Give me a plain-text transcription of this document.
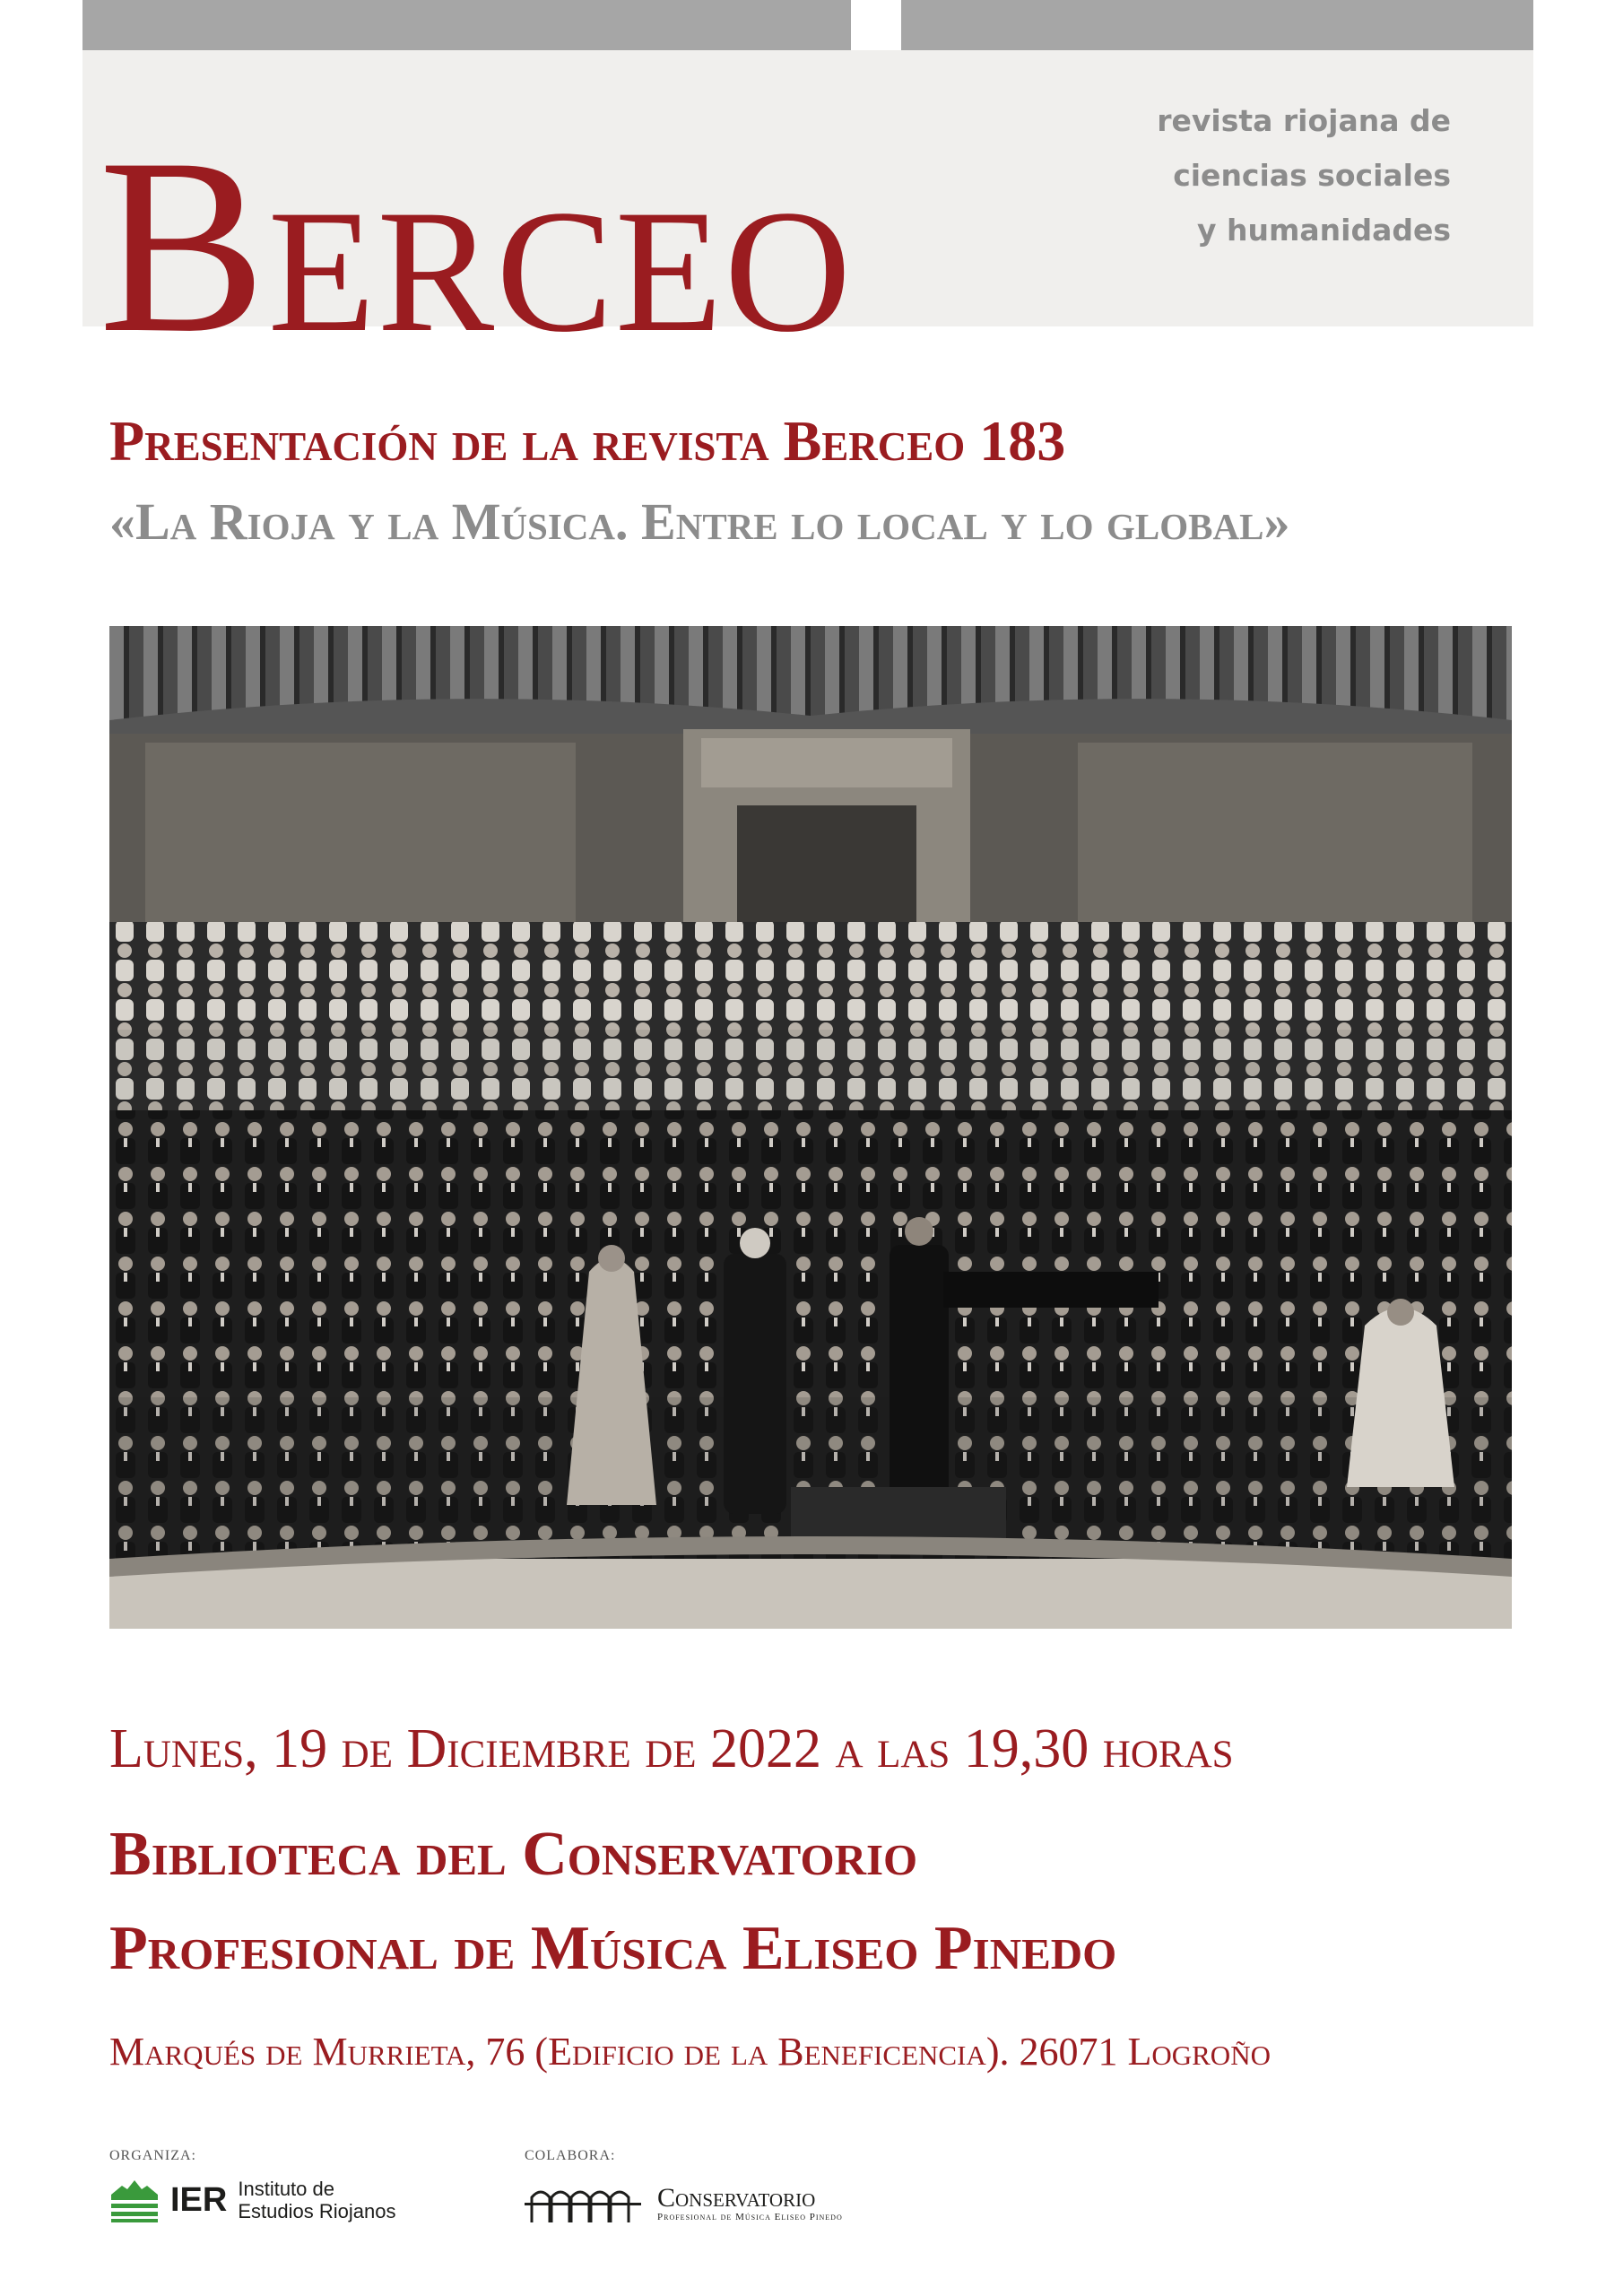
Berceo	revista riojana de
ciencias sociales
y humanidades
Presentación de la revista Berceo 183
«La Rioja y la Música. Entre lo local y lo global»
Lunes, 19 de Diciembre de 2022 a las 19,30 horas
Biblioteca del Conservatorio
Profesional de Música Eliseo Pinedo
Marqués de Murrieta, 76 (Edificio de la Beneficencia). 26071 Logroño
ORGANIZA:	COLABORA:
IER Instituto de
Estudios Riojanos	Conservatorio
Profesional de Música Eliseo Pinedo
